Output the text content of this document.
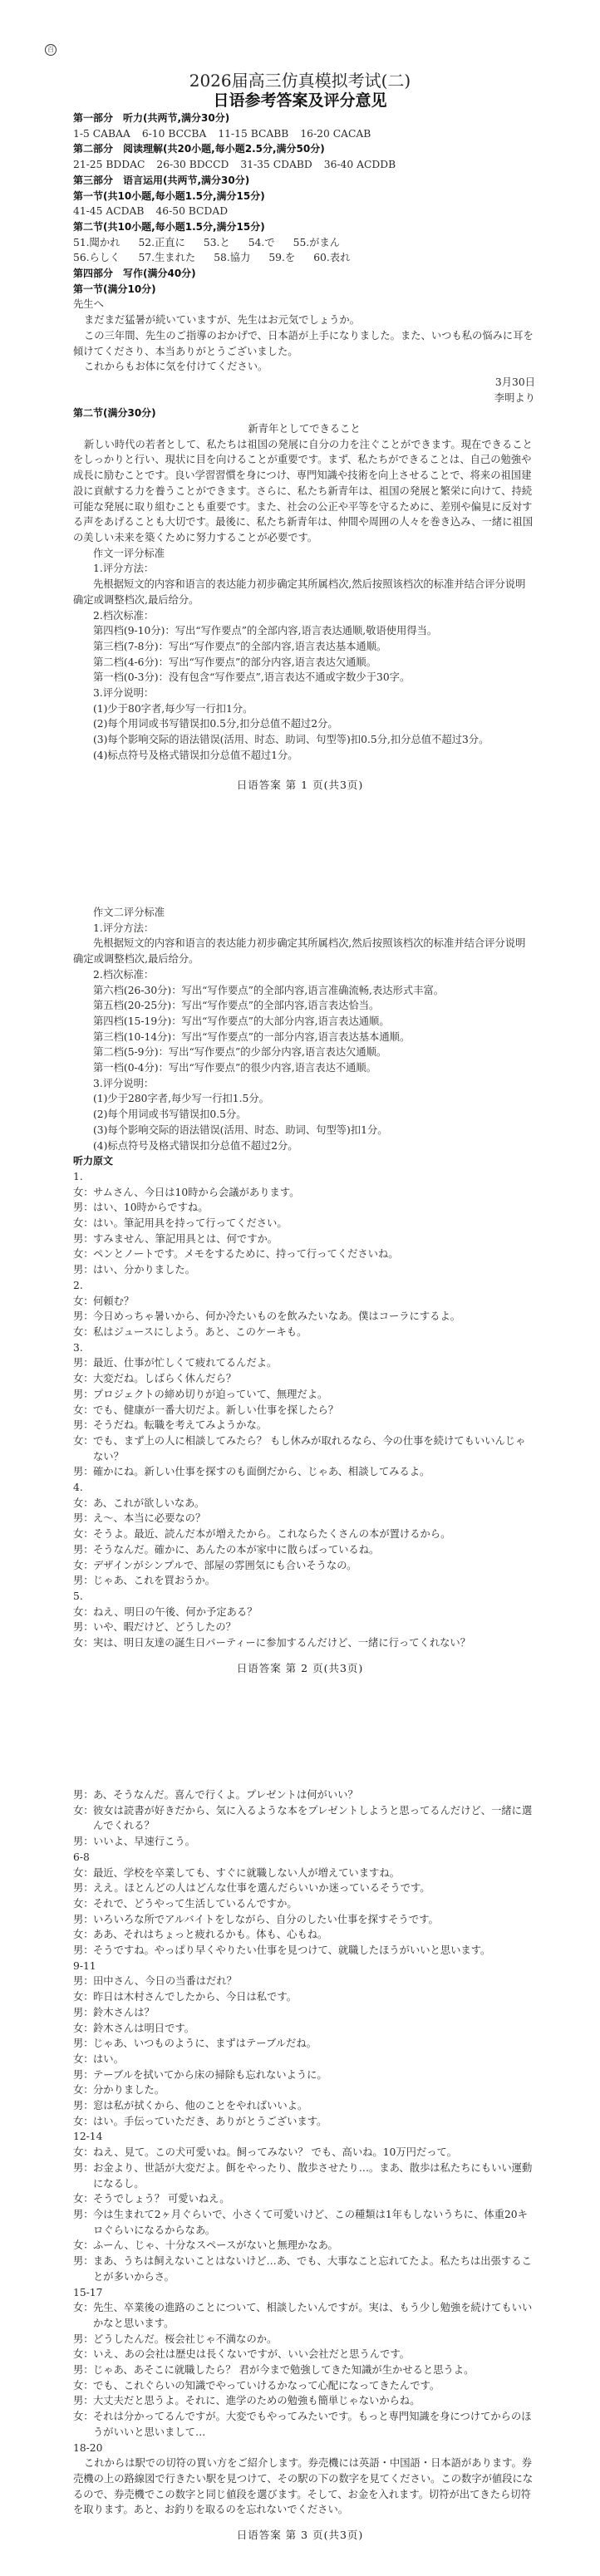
百
2026届高三仿真模拟考试(二)
日语参考答案及评分意见

第一部分　听力(共两节,满分30分)

1-5 CABAA 6-10 BCCBA 11-15 BCABB 16-20 CACAB

第二部分　阅读理解(共20小题,每小题2.5分,满分50分)

21-25 BDDAC 26-30 BDCCD 31-35 CDABD 36-40 ACDDB

第三部分　语言运用(共两节,满分30分)

第一节(共10小题,每小题1.5分,满分15分)

41-45 ACDAB 46-50 BCDAD

第二节(共10小题,每小题1.5分,满分15分)

51.聞かれ 52.正直に 53.と 54.で 55.がまん

56.らしく 57.生まれた 58.協力 59.を 60.表れ

第四部分　写作(满分40分)

第一节(满分10分)

先生へ

まだまだ猛暑が続いていますが、先生はお元気でしょうか。

この三年間、先生のご指導のおかげで、日本語が上手になりました。また、いつも私の悩みに耳を傾けてくださり、本当ありがとうございました。

これからもお体に気を付けてください。

3月30日

李明より

第二节(满分30分)

新青年としてできること

新しい時代の若者として、私たちは祖国の発展に自分の力を注ぐことができます。現在できることをしっかりと行い、現状に目を向けることが重要です。まず、私たちができることは、自己の勉強や成長に励むことです。良い学習習慣を身につけ、専門知識や技術を向上させることで、将来の祖国建設に貢献する力を養うことができます。さらに、私たち新青年は、祖国の発展と繁栄に向けて、持続可能な発展に取り組むことも重要です。また、社会の公正や平等を守るために、差別や偏見に反対する声をあげることも大切です。最後に、私たち新青年は、仲間や周囲の人々を巻き込み、一緒に祖国の美しい未来を築くために努力することが必要です。

作文一评分标准

1.评分方法：

先根据短文的内容和语言的表达能力初步确定其所属档次,然后按照该档次的标准并结合评分说明确定或调整档次,最后给分。

2.档次标准：

第四档(9-10分)：写出“写作要点”的全部内容,语言表达通顺,敬语使用得当。

第三档(7-8分)：写出“写作要点”的全部内容,语言表达基本通顺。

第二档(4-6分)：写出“写作要点”的部分内容,语言表达欠通顺。

第一档(0-3分)：没有包含“写作要点”,语言表达不通或字数少于30字。

3.评分说明：

(1)少于80字者,每少写一行扣1分。

(2)每个用词或书写错误扣0.5分,扣分总值不超过2分。

(3)每个影响交际的语法错误(活用、时态、助词、句型等)扣0.5分,扣分总值不超过3分。

(4)标点符号及格式错误扣分总值不超过1分。

日语答案 第 1 页(共3页)

作文二评分标准

1.评分方法：

先根据短文的内容和语言的表达能力初步确定其所属档次,然后按照该档次的标准并结合评分说明确定或调整档次,最后给分。

2.档次标准：

第六档(26-30分)：写出“写作要点”的全部内容,语言准确流畅,表达形式丰富。

第五档(20-25分)：写出“写作要点”的全部内容,语言表达恰当。

第四档(15-19分)：写出“写作要点”的大部分内容,语言表达通顺。

第三档(10-14分)：写出“写作要点”的一部分内容,语言表达基本通顺。

第二档(5-9分)：写出“写作要点”的少部分内容,语言表达欠通顺。

第一档(0-4分)：写出“写作要点”的很少内容,语言表达不通顺。

3.评分说明：

(1)少于280字者,每少写一行扣1.5分。

(2)每个用词或书写错误扣0.5分。

(3)每个影响交际的语法错误(活用、时态、助词、句型等)扣1分。

(4)标点符号及格式错误扣分总值不超过2分。

听力原文

1.

女：サムさん、今日は10時から会議があります。

男：はい、10時からですね。

女：はい。筆記用具を持って行ってください。

男：すみません、筆記用具とは、何ですか。

女：ペンとノートです。メモをするために、持って行ってくださいね。

男：はい、分かりました。

2.

女：何頼む？

男：今日めっちゃ暑いから、何か冷たいものを飲みたいなあ。僕はコーラにするよ。

女：私はジュースにしよう。あと、このケーキも。

3.

男：最近、仕事が忙しくて疲れてるんだよ。

女：大変だね。しばらく休んだら？

男：プロジェクトの締め切りが迫っていて、無理だよ。

女：でも、健康が一番大切だよ。新しい仕事を探したら？

男：そうだね。転職を考えてみようかな。

女：でも、まず上の人に相談してみたら？ もし休みが取れるなら、今の仕事を続けてもいいんじゃない？

男：確かにね。新しい仕事を探すのも面倒だから、じゃあ、相談してみるよ。

4.

女：あ、これが欲しいなあ。

男：え～、本当に必要なの？

女：そうよ。最近、読んだ本が増えたから。これならたくさんの本が置けるから。

男：そうなんだ。確かに、あんたの本が家中に散らばっているね。

女：デザインがシンプルで、部屋の雰囲気にも合いそうなの。

男：じゃあ、これを買おうか。

5.

女：ねえ、明日の午後、何か予定ある？

男：いや、暇だけど、どうしたの？

女：実は、明日友達の誕生日パーティーに参加するんだけど、一緒に行ってくれない？

日语答案 第 2 页(共3页)

男：あ、そうなんだ。喜んで行くよ。プレゼントは何がいい？

女：彼女は読書が好きだから、気に入るような本をプレゼントしようと思ってるんだけど、一緒に選んでくれる？

男：いいよ、早速行こう。

6-8

女：最近、学校を卒業しても、すぐに就職しない人が増えていますね。

男：ええ。ほとんどの人はどんな仕事を選んだらいいか迷っているそうです。

女：それで、どうやって生活しているんですか。

男：いろいろな所でアルバイトをしながら、自分のしたい仕事を探すそうです。

女：ああ、それはちょっと疲れるかも。体も、心もね。

男：そうですね。やっぱり早くやりたい仕事を見つけて、就職したほうがいいと思います。

9-11

男：田中さん、今日の当番はだれ？

女：昨日は木村さんでしたから、今日は私です。

男：鈴木さんは？

女：鈴木さんは明日です。

男：じゃあ、いつものように、まずはテーブルだね。

女：はい。

男：テーブルを拭いてから床の掃除も忘れないように。

女：分かりました。

男：窓は私が拭くから、他のことをやればいいよ。

女：はい。手伝っていただき、ありがとうございます。

12-14

女：ねえ、見て。この犬可愛いね。飼ってみない？ でも、高いね。10万円だって。

男：お金より、世話が大変だよ。餌をやったり、散歩させたり…。まあ、散歩は私たちにもいい運動になるし。

女：そうでしょう？ 可愛いねえ。

男：今は生まれて2ヶ月ぐらいで、小さくて可愛いけど、この種類は1年もしないうちに、体重20キロぐらいになるからなあ。

女：ふーん、じゃ、十分なスペースがないと無理かなあ。

男：まあ、うちは飼えないことはないけど…あ、でも、大事なこと忘れてたよ。私たちは出張することが多いからさ。

15-17

女：先生、卒業後の進路のことについて、相談したいんですが。実は、もう少し勉強を続けてもいいかなと思います。

男：どうしたんだ。桜会社じゃ不満なのか。

女：いえ、あの会社は歴史は長くないですが、いい会社だと思うんです。

男：じゃあ、あそこに就職したら？ 君が今まで勉強してきた知識が生かせると思うよ。

女：でも、これぐらいの知識でやっていけるかなって心配になってきたんです。

男：大丈夫だと思うよ。それに、進学のための勉強も簡単じゃないからね。

女：それは分かってるんですが。大変でもやってみたいです。もっと専門知識を身につけてからのほうがいいと思いまして…

18-20

これからは駅での切符の買い方をご紹介します。券売機には英語・中国語・日本語があります。券売機の上の路線図で行きたい駅を見つけて、その駅の下の数字を見てください。この数字が値段になるので、券売機でこの数字と同じ値段を選びます。そして、お金を入れます。切符が出てきたら切符を取ります。あと、お釣りを取るのを忘れないでください。

日语答案 第 3 页(共3页)
